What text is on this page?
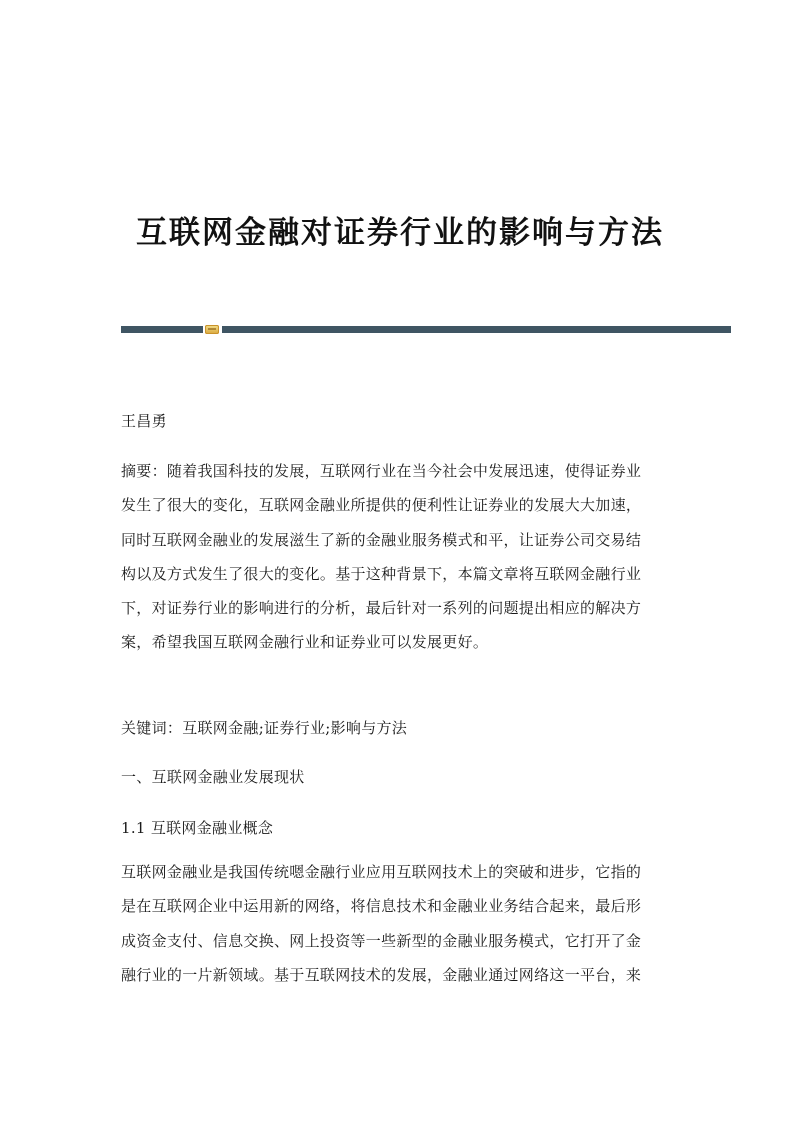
互联网金融对证券行业的影响与方法

王昌勇

摘要：随着我国科技的发展，互联网行业在当今社会中发展迅速，使得证券业
发生了很大的变化，互联网金融业所提供的便利性让证券业的发展大大加速，
同时互联网金融业的发展滋生了新的金融业服务模式和平，让证券公司交易结
构以及方式发生了很大的变化。基于这种背景下，本篇文章将互联网金融行业
下，对证券行业的影响进行的分析，最后针对一系列的问题提出相应的解决方
案，希望我国互联网金融行业和证券业可以发展更好。

关键词：互联网金融;证券行业;影响与方法

一、互联网金融业发展现状

1.1 互联网金融业概念

互联网金融业是我国传统嗯金融行业应用互联网技术上的突破和进步，它指的
是在互联网企业中运用新的网络，将信息技术和金融业业务结合起来，最后形
成资金支付、信息交换、网上投资等一些新型的金融业服务模式，它打开了金
融行业的一片新领域。基于互联网技术的发展，金融业通过网络这一平台，来
